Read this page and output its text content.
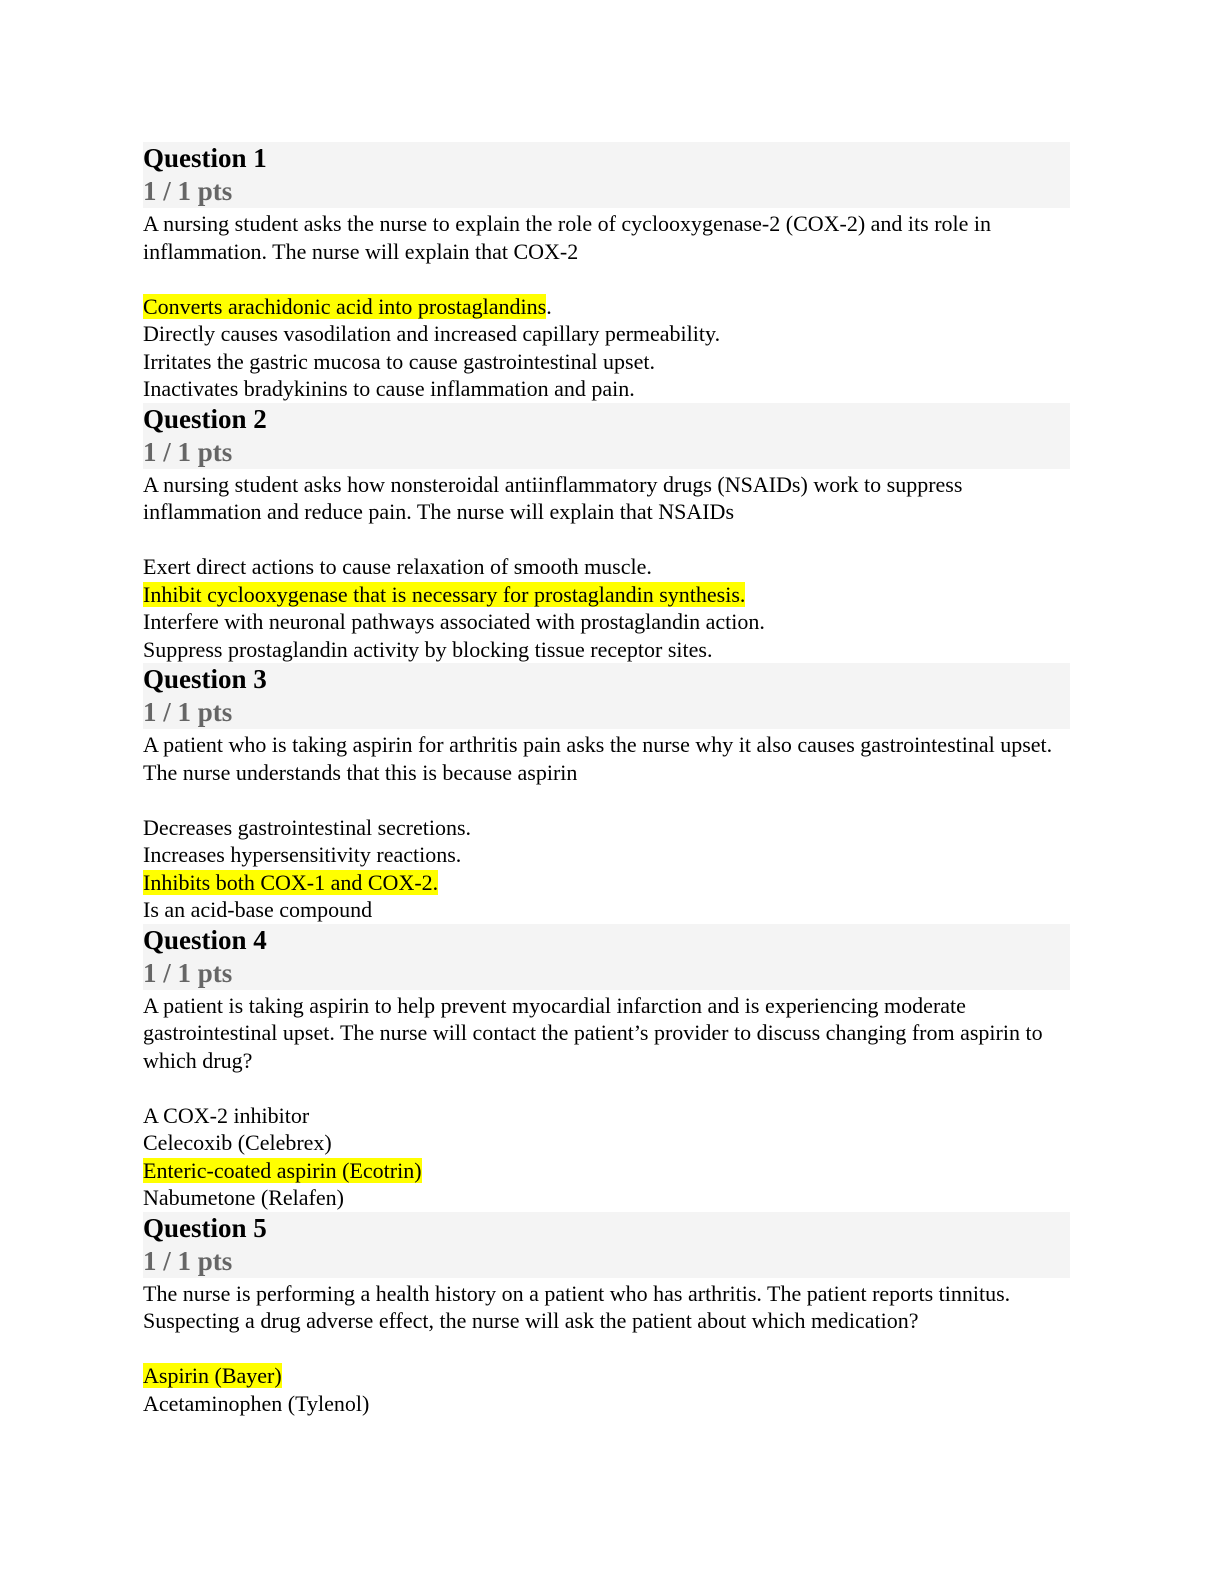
Question 1
1 / 1 pts

A nursing student asks the nurse to explain the role of cyclooxygenase-2 (COX-2) and its role in inflammation. The nurse will explain that COX-2

Converts arachidonic acid into prostaglandins.
Directly causes vasodilation and increased capillary permeability.
Irritates the gastric mucosa to cause gastrointestinal upset.
Inactivates bradykinins to cause inflammation and pain.
Question 2
1 / 1 pts

A nursing student asks how nonsteroidal antiinflammatory drugs (NSAIDs) work to suppress inflammation and reduce pain. The nurse will explain that NSAIDs

Exert direct actions to cause relaxation of smooth muscle.
Inhibit cyclooxygenase that is necessary for prostaglandin synthesis.
Interfere with neuronal pathways associated with prostaglandin action.
Suppress prostaglandin activity by blocking tissue receptor sites.
Question 3
1 / 1 pts

A patient who is taking aspirin for arthritis pain asks the nurse why it also causes gastrointestinal upset. The nurse understands that this is because aspirin

Decreases gastrointestinal secretions.
Increases hypersensitivity reactions.
Inhibits both COX-1 and COX-2.
Is an acid-base compound
Question 4
1 / 1 pts

A patient is taking aspirin to help prevent myocardial infarction and is experiencing moderate gastrointestinal upset. The nurse will contact the patient’s provider to discuss changing from aspirin to which drug?

A COX-2 inhibitor
Celecoxib (Celebrex)
Enteric-coated aspirin (Ecotrin)
Nabumetone (Relafen)
Question 5
1 / 1 pts

The nurse is performing a health history on a patient who has arthritis. The patient reports tinnitus. Suspecting a drug adverse effect, the nurse will ask the patient about which medication?

Aspirin (Bayer)
Acetaminophen (Tylenol)
